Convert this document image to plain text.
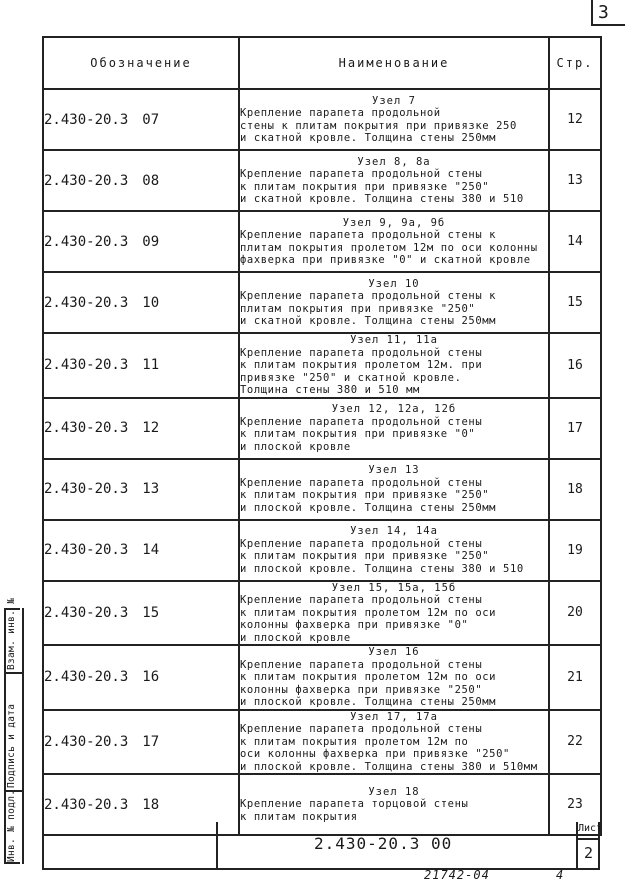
3
Обозначение	Наименование	Стр.
2.430-20.3 07	Узел 7
Крепление парапета продольной
стены к плитам покрытия при привязке 250
и скатной кровле. Толщина стены 250мм	12
2.430-20.3 08	Узел 8, 8а
Крепление парапета продольной стены
к плитам покрытия при привязке "250"
и скатной кровле. Толщина стены 380 и 510	13
2.430-20.3 09	Узел 9, 9а, 9б
Крепление парапета продольной стены к
плитам покрытия пролетом 12м по оси колонны
фахверка при привязке "0" и скатной кровле	14
2.430-20.3 10	Узел 10
Крепление парапета продольной стены к
плитам покрытия при привязке "250"
и скатной кровле. Толщина стены 250мм	15
2.430-20.3 11	Узел 11, 11а
Крепление парапета продольной стены
к плитам покрытия пролетом 12м. при
привязке "250" и скатной кровле.
Толщина стены 380 и 510 мм	16
2.430-20.3 12	Узел 12, 12а, 12б
Крепление парапета продольной стены
к плитам покрытия при привязке "0"
и плоской кровле	17
2.430-20.3 13	Узел 13
Крепление парапета продольной стены
к плитам покрытия при привязке "250"
и плоской кровле. Толщина стены 250мм	18
2.430-20.3 14	Узел 14, 14а
Крепление парапета продольной стены
к плитам покрытия при привязке "250"
и плоской кровле. Толщина стены 380 и 510	19
2.430-20.3 15	Узел 15, 15а, 15б
Крепление парапета продольной стены
к плитам покрытия пролетом 12м по оси
колонны фахверка при привязке "0"
и плоской кровле	20
2.430-20.3 16	Узел 16
Крепление парапета продольной стены
к плитам покрытия пролетом 12м по оси
колонны фахверка при привязке "250"
и плоской кровле. Толщина стены 250мм	21
2.430-20.3 17	Узел 17, 17а
Крепление парапета продольной стены
к плитам покрытия пролетом 12м по
оси колонны фахверка при привязке "250"
и плоской кровле. Толщина стены 380 и 510мм	22
2.430-20.3 18	Узел 18
Крепление парапета торцовой стены
к плитам покрытия	23
2.430-20.3 00
Лист
2
Взам. инв. №
Подпись и дата
Инв. № подл.
21742-04	4
